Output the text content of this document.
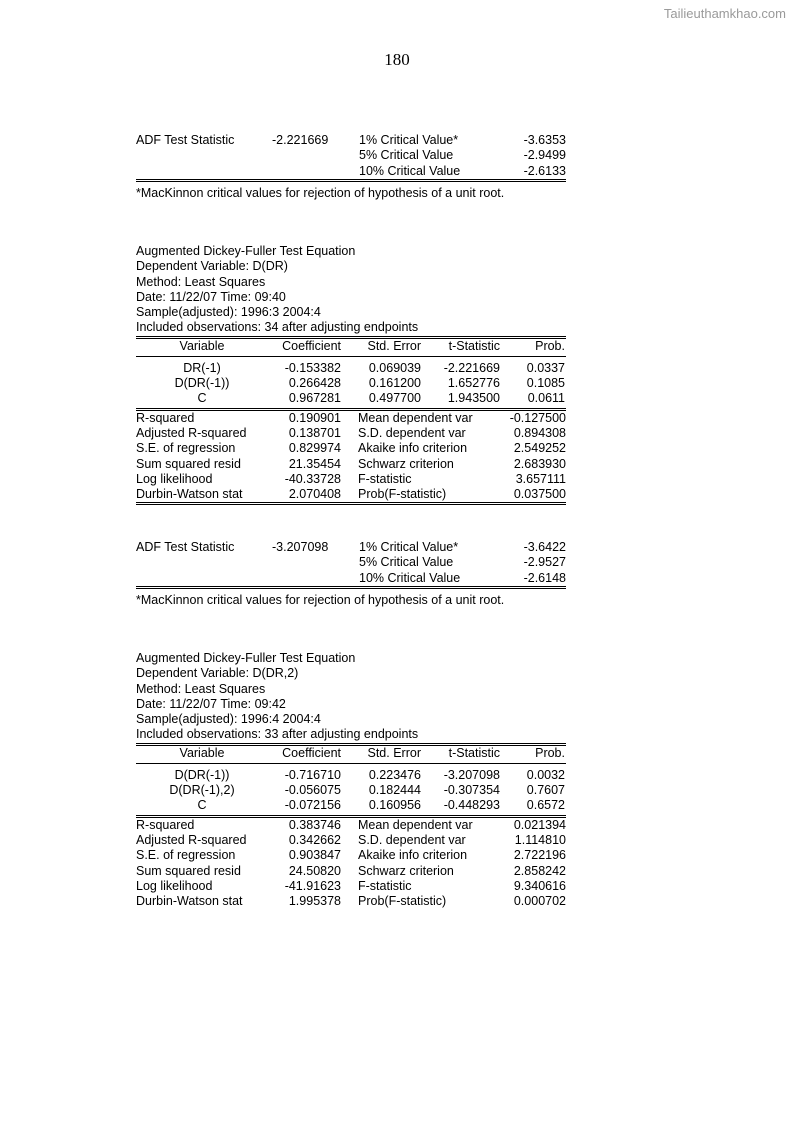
Tailieuthamkhao.com
180
ADF Test Statistic	-2.221669 1% Critical Value*	-3.6353
5% Critical Value	-2.9499
10% Critical Value	-2.6133
*MacKinnon critical values for rejection of hypothesis of a unit root.
Augmented Dickey-Fuller Test Equation
Dependent Variable: D(DR)
Method: Least Squares
Date: 11/22/07 Time: 09:40
Sample(adjusted): 1996:3 2004:4
Included observations: 34 after adjusting endpoints
Variable	Coefficient	Std. Error	t-Statistic	Prob.
DR(-1)	-0.153382	0.069039	-2.221669	0.0337
D(DR(-1))	0.266428	0.161200	1.652776	0.1085
C	0.967281	0.497700	1.943500	0.0611
R-squared	0.190901	Mean dependent var	-0.127500
Adjusted R-squared	0.138701	S.D. dependent var	0.894308
S.E. of regression	0.829974	Akaike info criterion	2.549252
Sum squared resid	21.35454	Schwarz criterion	2.683930
Log likelihood	-40.33728	F-statistic	3.657111
Durbin-Watson stat	2.070408	Prob(F-statistic)	0.037500
ADF Test Statistic	-3.207098 1% Critical Value*	-3.6422
5% Critical Value	-2.9527
10% Critical Value	-2.6148
*MacKinnon critical values for rejection of hypothesis of a unit root.
Augmented Dickey-Fuller Test Equation
Dependent Variable: D(DR,2)
Method: Least Squares
Date: 11/22/07 Time: 09:42
Sample(adjusted): 1996:4 2004:4
Included observations: 33 after adjusting endpoints
Variable	Coefficient	Std. Error	t-Statistic	Prob.
D(DR(-1))	-0.716710	0.223476	-3.207098	0.0032
D(DR(-1),2)	-0.056075	0.182444	-0.307354	0.7607
C	-0.072156	0.160956	-0.448293	0.6572
R-squared	0.383746	Mean dependent var	0.021394
Adjusted R-squared	0.342662	S.D. dependent var	1.114810
S.E. of regression	0.903847	Akaike info criterion	2.722196
Sum squared resid	24.50820	Schwarz criterion	2.858242
Log likelihood	-41.91623	F-statistic	9.340616
Durbin-Watson stat	1.995378	Prob(F-statistic)	0.000702
